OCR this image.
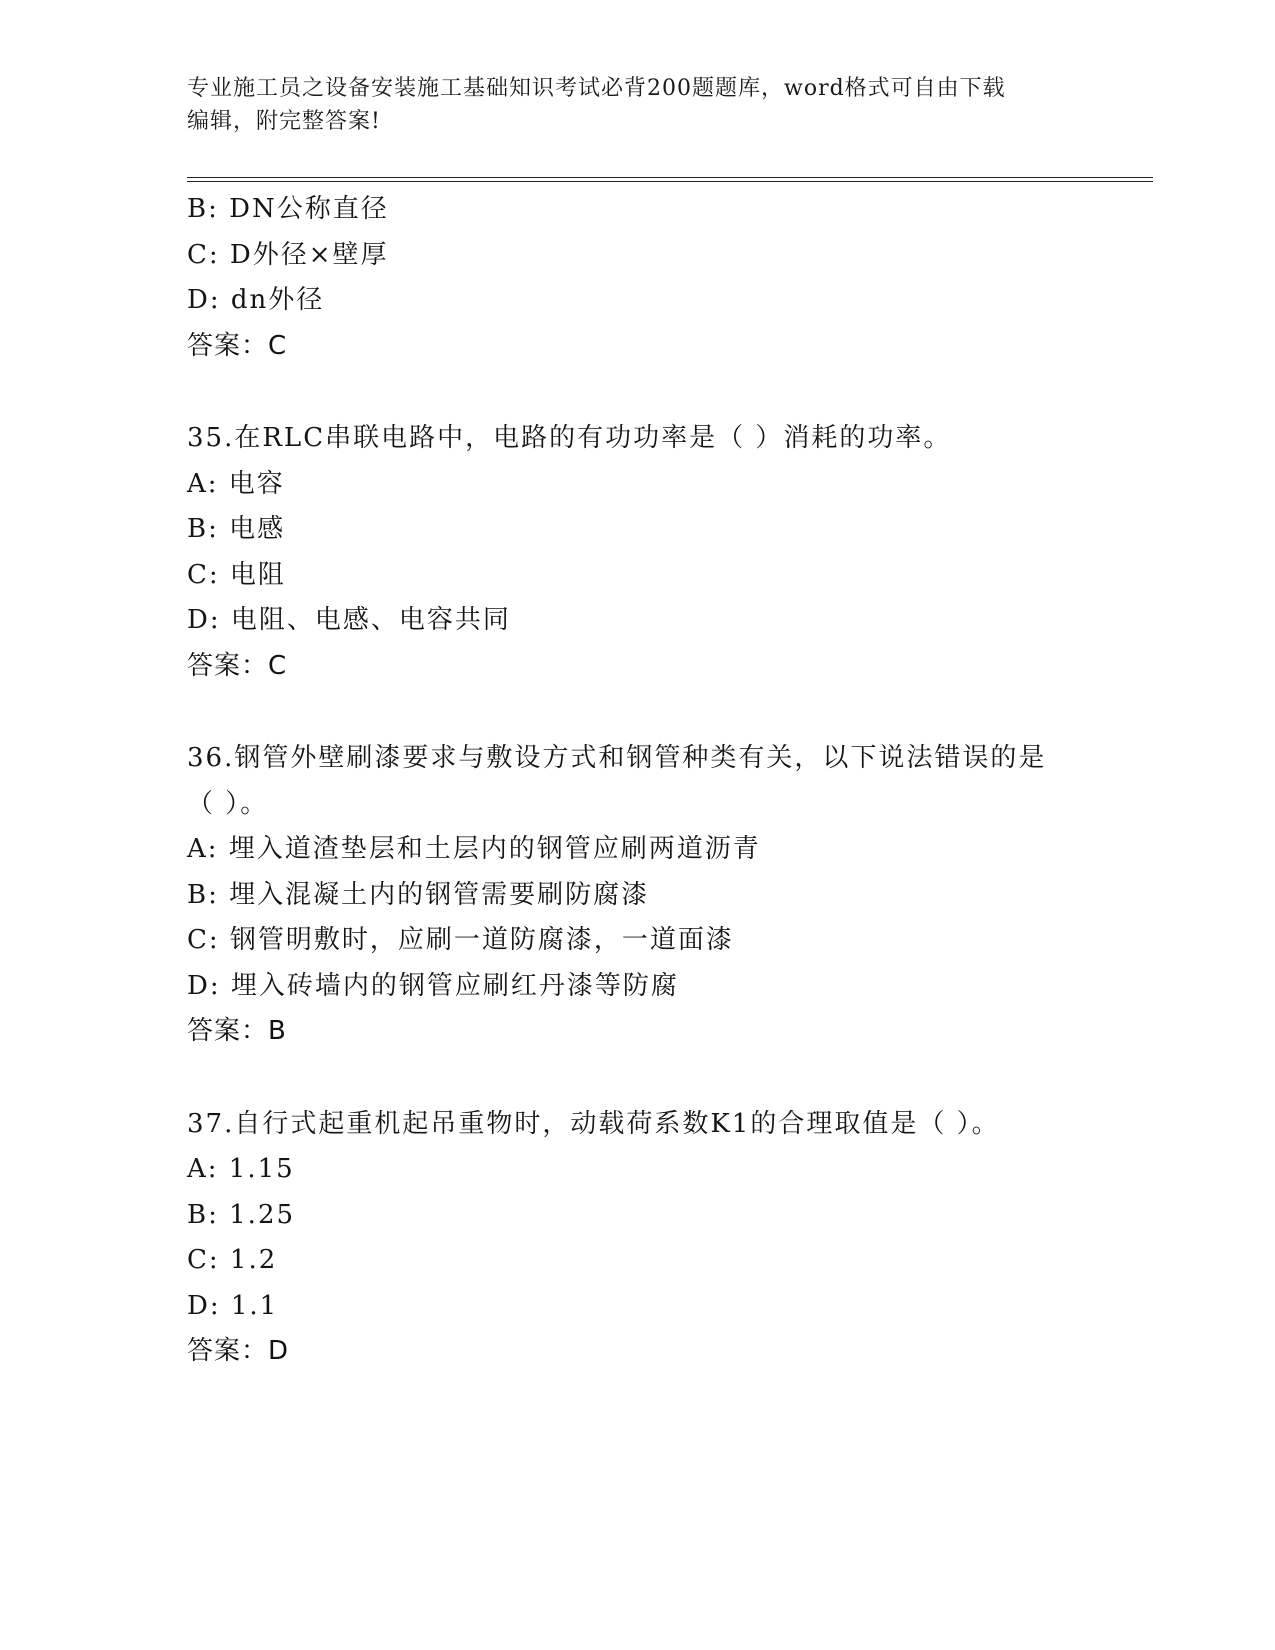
专业施工员之设备安装施工基础知识考试必背200题题库，word格式可自由下载
编辑，附完整答案!
B: DN公称直径
C: D外径×壁厚
D: dn外径
答案：C
35.在RLC串联电路中，电路的有功功率是（ ）消耗的功率。
A: 电容
B: 电感
C: 电阻
D: 电阻、电感、电容共同
答案：C
36.钢管外壁刷漆要求与敷设方式和钢管种类有关，以下说法错误的是
（ ）。
A: 埋入道渣垫层和土层内的钢管应刷两道沥青
B: 埋入混凝土内的钢管需要刷防腐漆
C: 钢管明敷时，应刷一道防腐漆，一道面漆
D: 埋入砖墙内的钢管应刷红丹漆等防腐
答案：B
37.自行式起重机起吊重物时，动载荷系数K1的合理取值是（ ）。
A: 1.15
B: 1.25
C: 1.2
D: 1.1
答案：D
